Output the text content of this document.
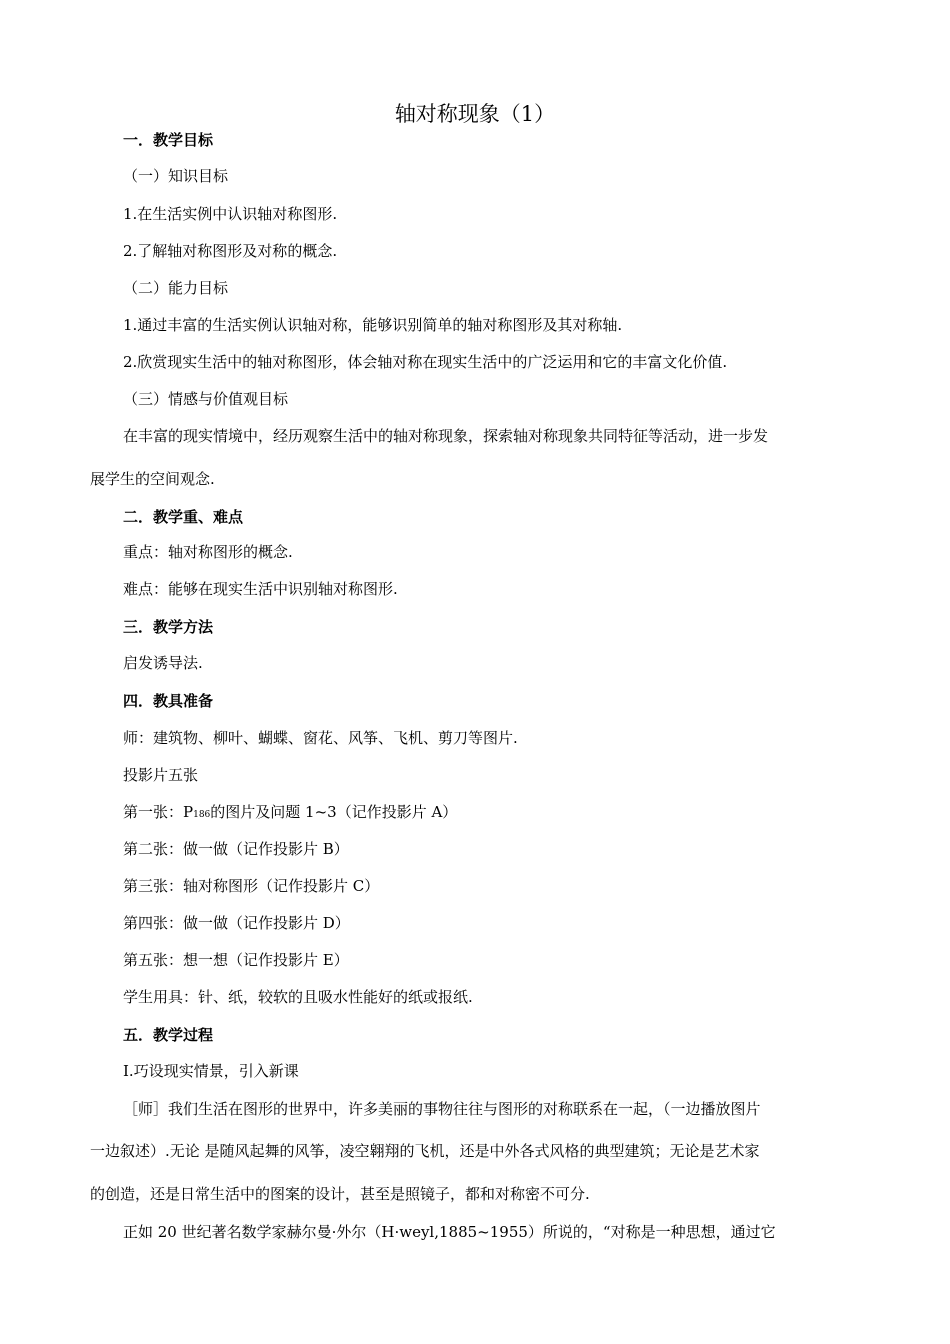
轴对称现象（1）
一．教学目标
（一）知识目标
1.在生活实例中认识轴对称图形.
2.了解轴对称图形及对称的概念.
（二）能力目标
1.通过丰富的生活实例认识轴对称，能够识别简单的轴对称图形及其对称轴.
2.欣赏现实生活中的轴对称图形，体会轴对称在现实生活中的广泛运用和它的丰富文化价值.
（三）情感与价值观目标
在丰富的现实情境中，经历观察生活中的轴对称现象，探索轴对称现象共同特征等活动，进一步发
展学生的空间观念.
二．教学重、难点
重点：轴对称图形的概念.
难点：能够在现实生活中识别轴对称图形.
三．教学方法
启发诱导法.
四．教具准备
师：建筑物、柳叶、蝴蝶、窗花、风筝、飞机、剪刀等图片.
投影片五张
第一张：P186的图片及问题 1~3（记作投影片 A）
第二张：做一做（记作投影片 B）
第三张：轴对称图形（记作投影片 C）
第四张：做一做（记作投影片 D）
第五张：想一想（记作投影片 E）
学生用具：针、纸，较软的且吸水性能好的纸或报纸.
五．教学过程
Ⅰ.巧设现实情景，引入新课
［师］我们生活在图形的世界中，许多美丽的事物往往与图形的对称联系在一起，（一边播放图片
一边叙述）.无论 是随风起舞的风筝，凌空翱翔的飞机，还是中外各式风格的典型建筑；无论是艺术家
的创造，还是日常生活中的图案的设计，甚至是照镜子，都和对称密不可分.
正如 20 世纪著名数学家赫尔曼·外尔（H·weyl,1885~1955）所说的，“对称是一种思想，通过它
